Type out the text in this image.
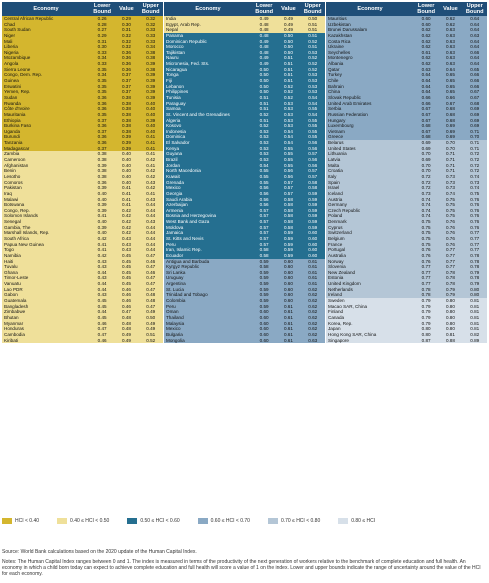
Economy	Lower Bound	Value	Upper Bound
Central African Republic	0.26	0.29	0.32
Chad	0.28	0.30	0.32
South Sudan	0.27	0.31	0.33
Niger	0.29	0.32	0.33
Mali	0.31	0.32	0.33
Liberia	0.30	0.32	0.34
Nigeria	0.33	0.36	0.38
Mozambique	0.34	0.36	0.38
Angola	0.33	0.36	0.39
Sierra Leone	0.35	0.36	0.38
Congo, Dem. Rep.	0.34	0.37	0.39
Guinea	0.35	0.37	0.39
Eswatini	0.35	0.37	0.39
Yemen, Rep.	0.35	0.37	0.39
Sudan	0.36	0.38	0.39
Rwanda	0.36	0.38	0.40
Côte d'Ivoire	0.36	0.38	0.40
Mauritania	0.35	0.38	0.40
Ethiopia	0.37	0.38	0.39
Burkina Faso	0.36	0.38	0.40
Uganda	0.37	0.38	0.40
Burundi	0.36	0.39	0.41
Tanzania	0.36	0.39	0.41
Madagascar	0.37	0.39	0.41
Zambia	0.38	0.40	0.41
Cameroon	0.38	0.40	0.42
Afghanistan	0.39	0.40	0.41
Benin	0.38	0.40	0.42
Lesotho	0.38	0.40	0.42
Comoros	0.36	0.40	0.43
Pakistan	0.39	0.41	0.42
Iraq	0.40	0.41	0.41
Malawi	0.40	0.41	0.43
Botswana	0.39	0.41	0.44
Congo, Rep.	0.39	0.42	0.44
Solomon Islands	0.41	0.42	0.44
Senegal	0.40	0.42	0.43
Gambia, The	0.39	0.42	0.44
Marshall Islands, Rep.	0.40	0.42	0.44
South Africa	0.42	0.43	0.44
Papua New Guinea	0.41	0.43	0.44
Togo	0.41	0.43	0.44
Namibia	0.42	0.45	0.47
Haiti	0.43	0.45	0.46
Tuvalu	0.43	0.45	0.47
Ghana	0.44	0.45	0.46
Timor-Leste	0.43	0.45	0.47
Vanuatu	0.44	0.45	0.47
Lao PDR	0.44	0.46	0.47
Gabon	0.43	0.46	0.48
Guatemala	0.45	0.46	0.48
Bangladesh	0.45	0.46	0.47
Zimbabwe	0.44	0.47	0.49
Bhutan	0.45	0.48	0.50
Myanmar	0.46	0.48	0.49
Honduras	0.47	0.48	0.49
Cambodia	0.47	0.49	0.51
Kiribati	0.46	0.49	0.52
Economy	Lower Bound	Value	Upper Bound
India	0.49	0.49	0.50
Egypt, Arab Rep.	0.48	0.49	0.51
Nepal	0.48	0.49	0.51
Panama	0.48	0.50	0.51
Dominican Republic	0.49	0.50	0.52
Morocco	0.48	0.50	0.51
Tajikistan	0.48	0.50	0.53
Nauru	0.49	0.51	0.52
Micronesia, Fed. Sts.	0.49	0.51	0.52
Nicaragua	0.50	0.51	0.52
Tonga	0.50	0.51	0.53
Fiji	0.50	0.51	0.53
Lebanon	0.50	0.52	0.53
Philippines	0.50	0.52	0.53
Tunisia	0.51	0.52	0.54
Paraguay	0.51	0.53	0.54
Samoa	0.51	0.53	0.55
St. Vincent and the Grenadines	0.52	0.53	0.54
Algeria	0.51	0.53	0.55
Kosovo	0.52	0.53	0.55
Indonesia	0.53	0.54	0.55
Dominica	0.53	0.54	0.55
El Salvador	0.53	0.54	0.56
Kenya	0.53	0.55	0.56
Guyana	0.53	0.55	0.57
Brazil	0.53	0.55	0.56
Jordan	0.54	0.55	0.56
North Macedonia	0.55	0.56	0.57
Kuwait	0.55	0.56	0.57
Grenada	0.55	0.57	0.58
Mexico	0.56	0.57	0.58
Georgia	0.56	0.57	0.59
Saudi Arabia	0.56	0.58	0.59
Azerbaijan	0.56	0.58	0.59
Armenia	0.57	0.58	0.59
Bosnia and Herzegovina	0.57	0.58	0.59
West Bank and Gaza	0.57	0.58	0.59
Moldova	0.57	0.58	0.59
Jamaica	0.57	0.59	0.60
St. Kitts and Nevis	0.57	0.59	0.60
Peru	0.57	0.59	0.60
Iran, Islamic Rep.	0.58	0.59	0.60
Ecuador	0.58	0.59	0.60
Antigua and Barbuda	0.59	0.60	0.61
Kyrgyz Republic	0.58	0.60	0.61
Sri Lanka	0.59	0.60	0.61
Uruguay	0.59	0.60	0.61
Argentina	0.59	0.60	0.61
St. Lucia	0.59	0.60	0.62
Trinidad and Tobago	0.59	0.60	0.62
Colombia	0.59	0.60	0.62
Peru	0.59	0.61	0.62
Oman	0.60	0.61	0.62
Thailand	0.60	0.61	0.62
Malaysia	0.60	0.61	0.62
Mexico	0.60	0.61	0.62
Bulgaria	0.60	0.61	0.62
Mongolia	0.60	0.61	0.63
Economy	Lower Bound	Value	Upper Bound
Mauritius	0.60	0.62	0.64
Uzbekistan	0.60	0.62	0.64
Brunei Darussalam	0.62	0.63	0.64
Kazakhstan	0.62	0.63	0.63
Costa Rica	0.62	0.63	0.64
Ukraine	0.62	0.63	0.64
Seychelles	0.61	0.63	0.66
Montenegro	0.62	0.63	0.64
Albania	0.62	0.63	0.64
Qatar	0.63	0.64	0.65
Turkey	0.64	0.65	0.66
Chile	0.64	0.65	0.66
Bahrain	0.64	0.65	0.66
China	0.64	0.65	0.67
Slovak Republic	0.66	0.66	0.67
United Arab Emirates	0.66	0.67	0.68
Serbia	0.67	0.68	0.69
Russian Federation	0.67	0.68	0.69
Hungary	0.67	0.68	0.69
Luxembourg	0.68	0.69	0.69
Vietnam	0.67	0.69	0.71
Greece	0.68	0.69	0.70
Belarus	0.69	0.70	0.71
United States	0.69	0.70	0.71
Lithuania	0.70	0.71	0.72
Latvia	0.69	0.71	0.72
Malta	0.70	0.71	0.72
Croatia	0.70	0.71	0.72
Italy	0.72	0.73	0.74
Spain	0.72	0.73	0.73
Israel	0.72	0.73	0.74
Iceland	0.73	0.74	0.75
Austria	0.74	0.75	0.76
Germany	0.74	0.75	0.76
Czech Republic	0.74	0.75	0.76
Poland	0.74	0.75	0.76
Denmark	0.75	0.76	0.76
Cyprus	0.75	0.76	0.76
Switzerland	0.75	0.76	0.77
Belgium	0.75	0.76	0.77
France	0.75	0.76	0.77
Portugal	0.76	0.77	0.77
Australia	0.76	0.77	0.78
Norway	0.76	0.77	0.78
Slovenia	0.77	0.77	0.78
New Zealand	0.77	0.78	0.79
Estonia	0.77	0.78	0.78
United Kingdom	0.77	0.78	0.79
Netherlands	0.78	0.79	0.80
Ireland	0.78	0.79	0.80
Sweden	0.79	0.80	0.81
Macao SAR, China	0.79	0.80	0.81
Finland	0.79	0.80	0.81
Canada	0.79	0.80	0.81
Korea, Rep.	0.79	0.80	0.81
Japan	0.80	0.80	0.81
Hong Kong SAR, China	0.80	0.81	0.82
Singapore	0.87	0.88	0.89
HCI < 0.40	0.40 ≤ HCI < 0.50	0.50 ≤ HCI < 0.60	0.60 ≤ HCI < 0.70	0.70 ≤ HCI < 0.80	0.80 ≤ HCI
Source: World Bank calculations based on the 2020 update of the Human Capital Index.
Notes: The Human Capital Index ranges between 0 and 1. The index is measured in terms of the productivity of the next generation of workers relative to the benchmark of complete education and full health. An economy in which a child born today can expect to achieve complete education and full health will score a value of 1 on the index. Lower and upper bounds indicate the range of uncertainty around the value of the HCI for each economy.
